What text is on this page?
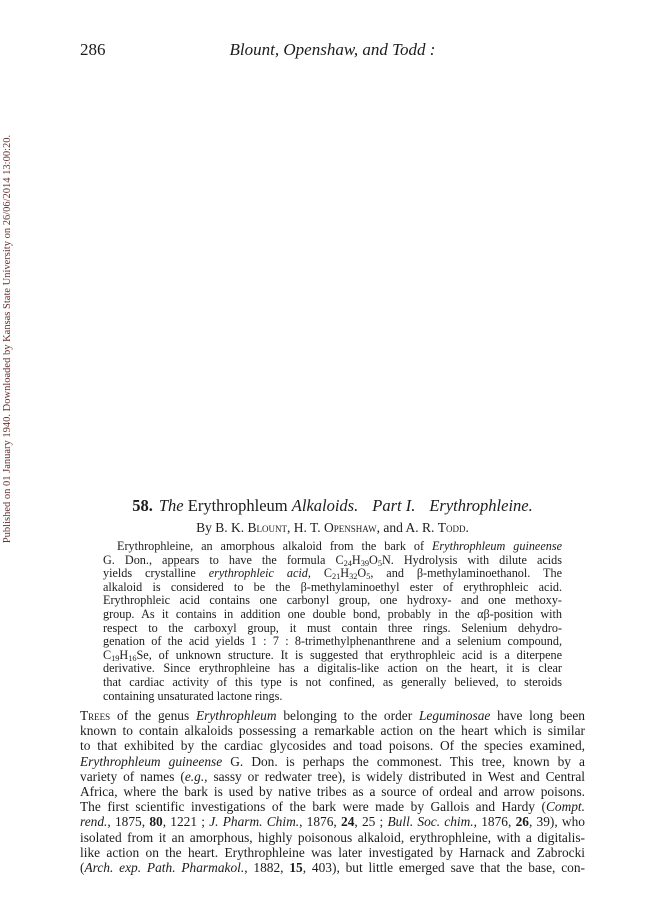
286	Blount, Openshaw, and Todd :
Published on 01 January 1940. Downloaded by Kansas State University on 26/06/2014 13:00:20.	58. The Erythrophleum Alkaloids. Part I. Erythrophleine.
By B. K. Blount, H. T. Openshaw, and A. R. Todd.
Erythrophleine, an amorphous alkaloid from the bark of Erythrophleum guineense
G. Don., appears to have the formula $C_{24}H_{39}O_5N$. Hydrolysis with dilute acids
yields crystalline erythrophleic acid, $C_{21}H_{32}O_5$, and β-methylaminoethanol. The
alkaloid is considered to be the β-methylaminoethyl ester of erythrophleic acid.
Erythrophleic acid contains one carbonyl group, one hydroxy- and one methoxy-
group. As it contains in addition one double bond, probably in the αβ-position with
respect to the carboxyl group, it must contain three rings. Selenium dehydro-
genation of the acid yields 1 : 7 : 8-trimethylphenanthrene and a selenium compound,
$C_{19}H_{16}Se$, of unknown structure. It is suggested that erythrophleic acid is a diterpene
derivative. Since erythrophleine has a digitalis-like action on the heart, it is clear
that cardiac activity of this type is not confined, as generally believed, to steroids
containing unsaturated lactone rings.
Trees of the genus Erythrophleum belonging to the order Leguminosae have long been
known to contain alkaloids possessing a remarkable action on the heart which is similar
to that exhibited by the cardiac glycosides and toad poisons. Of the species examined,
Erythrophleum guineense G. Don. is perhaps the commonest. This tree, known by a
variety of names (e.g., sassy or redwater tree), is widely distributed in West and Central
Africa, where the bark is used by native tribes as a source of ordeal and arrow poisons.
The first scientific investigations of the bark were made by Gallois and Hardy (Compt.
rend., 1875, 80, 1221 ; J. Pharm. Chim., 1876, 24, 25 ; Bull. Soc. chim., 1876, 26, 39), who
isolated from it an amorphous, highly poisonous alkaloid, erythrophleine, with a digitalis-
like action on the heart. Erythrophleine was later investigated by Harnack and Zabrocki
(Arch. exp. Path. Pharmakol., 1882, 15, 403), but little emerged save that the base, con-
